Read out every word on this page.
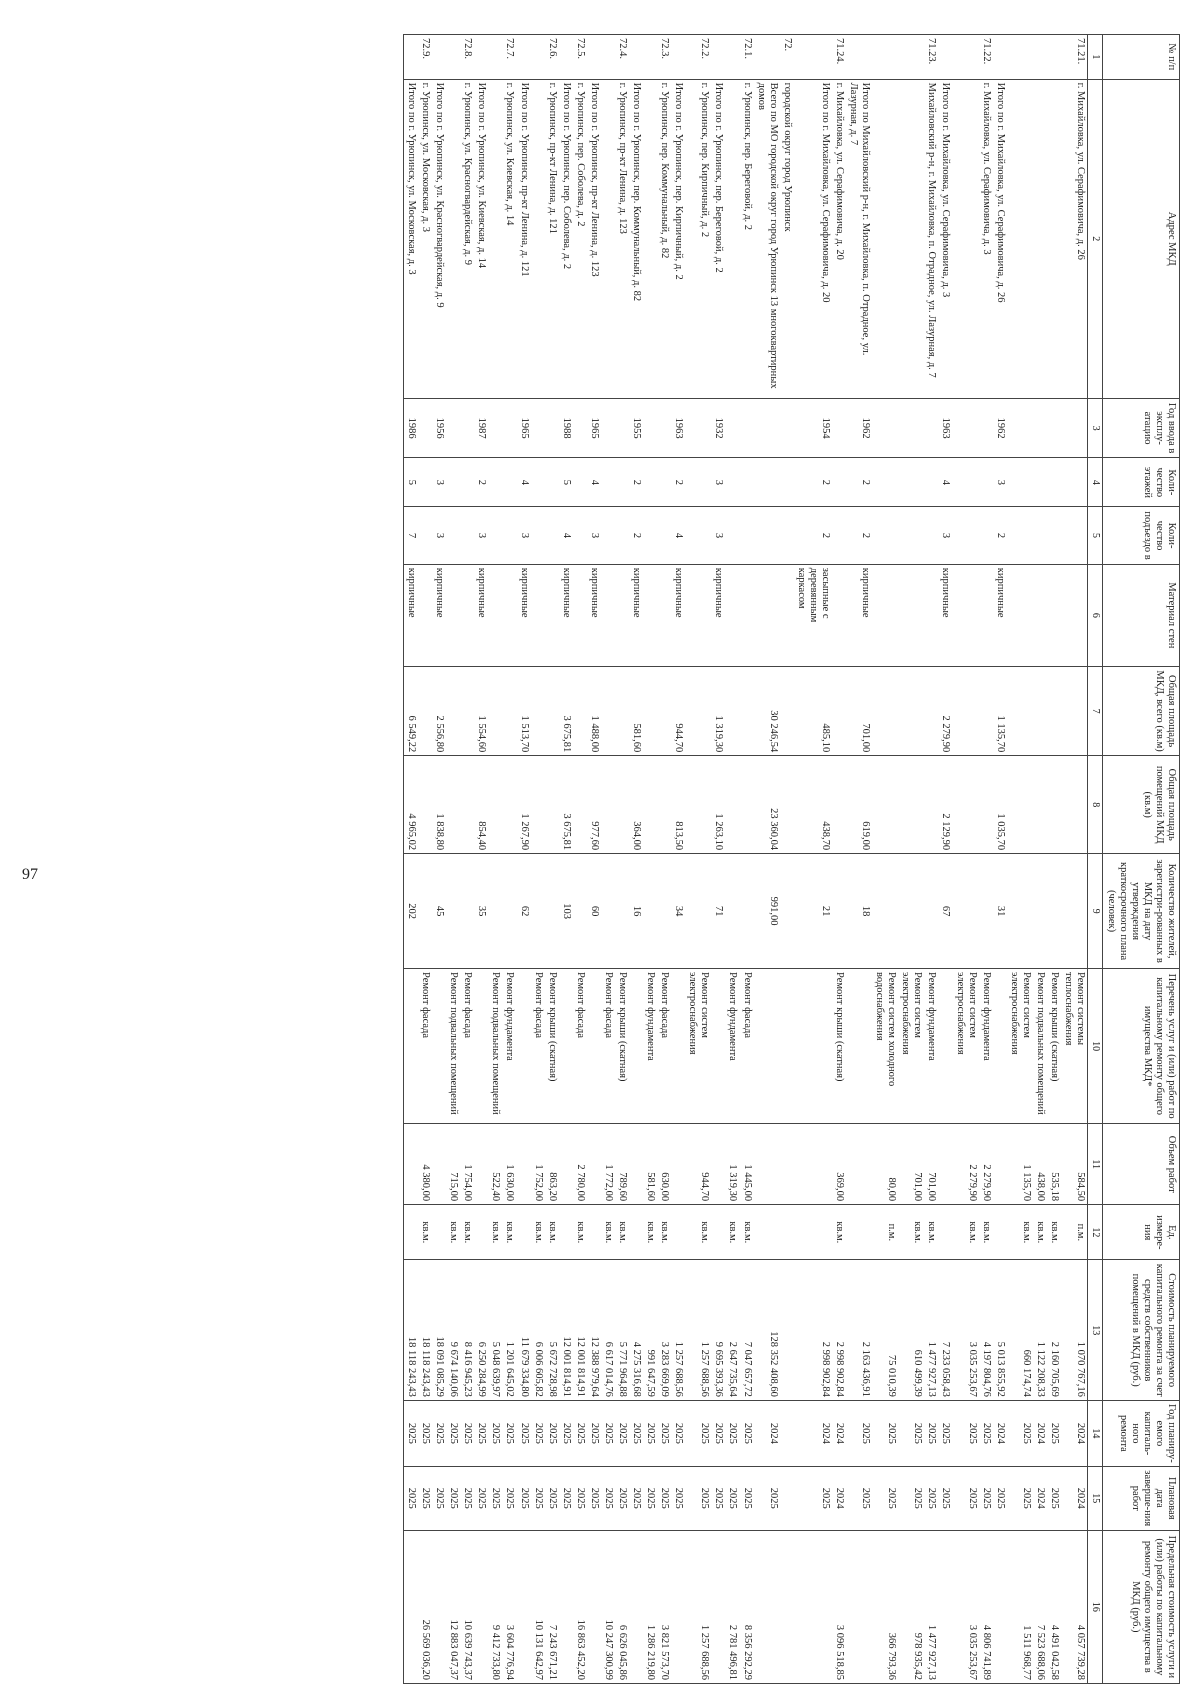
97
№ п/п	Адрес МКД	Год ввода в эксплу-атацию	Коли-чество этажей	Коли-чество подъездо в	Материал стен	Общая площадь МКД, всего (кв.м)	Общая площадь помещений МКД (кв.м)	Количество жителей, зарегистри-рованных в МКД на дату утверждения краткосрочного плана (человек)	Перечень услуг и (или) работ по капитальному ремонту общего имущества МКД*	Объем работ	Ед. измере-ния	Стоимость планируемого капитального ремонта за счет средств собственников помещений в МКД (руб.)	Год планиру-емого капиталь-ного ремонта	Плановая дата заверше-ния работ	Предельная стоимость услуги и (или) работы по капитальному ремонту общего имущества в МКД (руб.)
1	2	3	4	5	6	7	8	9	10	11	12	13	14	15	16
71.21.	г. Михайловка, ул. Серафимовича, д. 26								Ремонт системы теплоснабжения	584,50	п.м.	1 070 767,16	2024	2024	4 057 739,28
									Ремонт крыши (скатная)	535,18	кв.м.	2 160 705,69	2025	2025	4 491 042,58
									Ремонт подвальных помещений	438,00	кв.м.	1 122 208,33	2024	2024	7 523 688,06
									Ремонт систем электроснабжения	1 135,70	кв.м.	660 174,74	2025	2025	1 511 968,77
	Итого по г. Михайловка, ул. Серафимовича, д. 26	1962	3	2	кирпичные	1 135,70	1 035,70	31				5 013 855,92	2024	2025	
71.22.	г. Михайловка, ул. Серафимовича, д. 3								Ремонт фундамента	2 279,90	кв.м.	4 197 804,76	2025	2025	4 806 741,89
									Ремонт систем электроснабжения	2 279,90	кв.м.	3 035 253,67	2025	2025	3 035 253,67
	Итого по г. Михайловка, ул. Серафимовича, д. 3	1963	4	3	кирпичные	2 279,90	2 129,90	67				7 233 058,43	2025	2025	
71.23.	Михайловский р-н, г. Михайловка, п. Отрадное, ул. Лазурная, д. 7								Ремонт фундамента	701,00	кв.м.	1 477 927,13	2025	2025	1 477 927,13
									Ремонт систем электроснабжения	701,00	кв.м.	610 499,39	2025	2025	978 935,42
									Ремонт систем холодного водоснабжения	80,00	п.м.	75 010,39	2025	2025	366 793,36
	Итого по Михайловский р-н, г. Михайловка, п. Отрадное, ул. Лазурная, д. 7	1962	2	2	кирпичные	701,00	619,00	18				2 163 436,91	2025	2025	
71.24.	г. Михайловка, ул. Серафимовича, д. 20								Ремонт крыши (скатная)	369,00	кв.м.	2 998 902,84	2024	2024	3 096 518,85
	Итого по г. Михайловка, ул. Серафимовича, д. 20	1954	2	2	засыпные с деревянным каркасом	485,10	438,70	21				2 998 902,84	2024	2025	
72.	городской округ город Урюпинск														
	Всего по МО городской округ город Урюпинск 13 многоквартирных домов					30 246,54	23 360,04	991,00				128 352 408,60	2024	2025	
72.1.	г. Урюпинск, пер. Береговой, д. 2								Ремонт фасада	1 445,00	кв.м.	7 047 657,72	2025	2025	8 356 292,29
									Ремонт фундамента	1 319,30	кв.м.	2 647 735,64	2025	2025	2 781 496,81
	Итого по г. Урюпинск, пер. Береговой, д. 2	1932	3	3	кирпичные	1 319,30	1 263,10	71				9 695 393,36	2025	2025	
72.2.	г. Урюпинск, пер. Кирпичный, д. 2								Ремонт систем электроснабжения	944,70	кв.м.	1 257 688,56	2025	2025	1 257 688,56
	Итого по г. Урюпинск, пер. Кирпичный, д. 2	1963	2	4	кирпичные	944,70	813,50	34				1 257 688,56	2025	2025	
72.3.	г. Урюпинск, пер. Коммунальный, д. 82								Ремонт фасада	630,00	кв.м.	3 283 669,09	2025	2025	3 821 573,70
									Ремонт фундамента	581,60	кв.м.	991 647,59	2025	2025	1 286 219,80
	Итого по г. Урюпинск, пер. Коммунальный, д. 82	1955	2	2	кирпичные	581,60	364,00	16				4 275 316,68	2025	2025	
72.4.	г. Урюпинск, пр-кт Ленина, д. 123								Ремонт крыши (скатная)	789,60	кв.м.	5 771 964,88	2025	2025	6 626 045,86
									Ремонт фасада	1 772,00	кв.м.	6 617 014,76	2025	2025	10 247 300,99
	Итого по г. Урюпинск, пр-кт Ленина, д. 123	1965	4	3	кирпичные	1 488,00	977,60	60				12 388 979,64	2025	2025	
72.5.	г. Урюпинск, пер. Соболева, д. 2								Ремонт фасада	2 780,00	кв.м.	12 001 814,91	2025	2025	16 863 452,20
	Итого по г. Урюпинск, пер. Соболева, д. 2	1988	5	4	кирпичные	3 675,81	3 675,81	103				12 001 814,91	2025	2025	
72.6.	г. Урюпинск, пр-кт Ленина, д. 121								Ремонт крыши (скатная)	863,20	кв.м.	5 672 728,98	2025	2025	7 243 671,21
									Ремонт фасада	1 752,00	кв.м.	6 006 605,82	2025	2025	10 131 642,97
	Итого по г. Урюпинск, пр-кт Ленина, д. 121	1965	4	3	кирпичные	1 513,70	1 267,90	62				11 679 334,80	2025	2025	
72.7.	г. Урюпинск, ул. Киевская, д. 14								Ремонт фундамента	1 630,00	кв.м.	1 201 645,02	2025	2025	3 604 776,94
									Ремонт подвальных помещений	522,40	кв.м.	5 048 639,97	2025	2025	9 412 733,80
	Итого по г. Урюпинск, ул. Киевская, д. 14	1987	2	3	кирпичные	1 554,60	854,40	35				6 250 284,99	2025	2025	
72.8.	г. Урюпинск, ул. Красногвардейская, д. 9								Ремонт фасада	1 754,00	кв.м.	8 416 945,23	2025	2025	10 639 743,37
									Ремонт подвальных помещений	715,00	кв.м.	9 674 140,06	2025	2025	12 883 047,37
	Итого по г. Урюпинск, ул. Красногвардейская, д. 9	1956	3	3	кирпичные	2 556,80	1 838,80	45				18 091 085,29	2025	2025	
72.9.	г. Урюпинск, ул. Московская, д. 3								Ремонт фасада	4 380,00	кв.м.	18 118 243,43	2025	2025	26 569 036,20
	Итого по г. Урюпинск, ул. Московская, д. 3	1986	5	7	кирпичные	6 549,22	4 965,02	202				18 118 243,43	2025	2025	
